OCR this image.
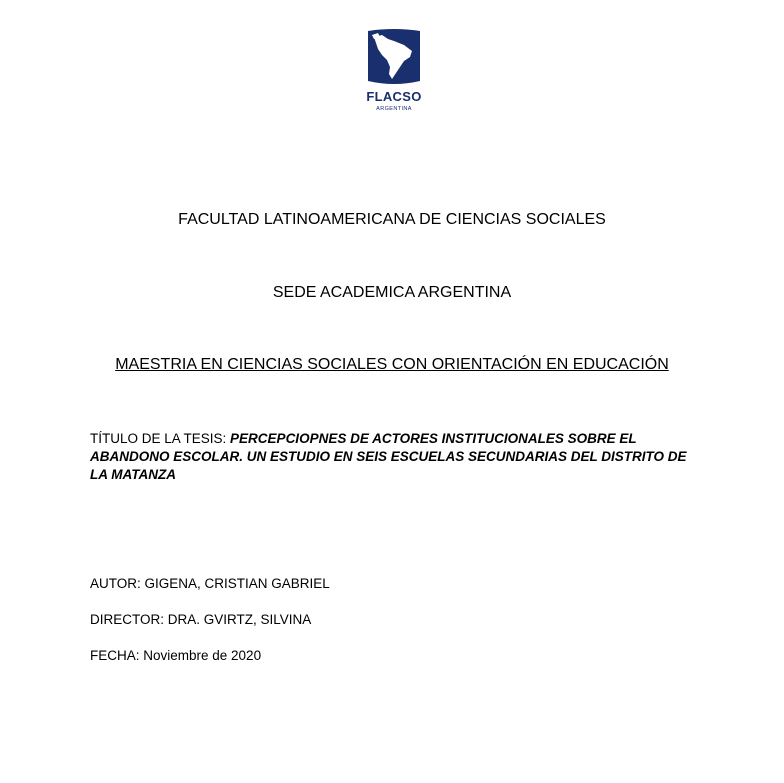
FLACSO
ARGENTINA
FACULTAD LATINOAMERICANA DE CIENCIAS SOCIALES
SEDE ACADEMICA ARGENTINA
MAESTRIA EN CIENCIAS SOCIALES CON ORIENTACIÓN EN EDUCACIÓN
TÍTULO DE LA TESIS: PERCEPCIOPNES DE ACTORES INSTITUCIONALES SOBRE EL ABANDONO ESCOLAR. UN ESTUDIO EN SEIS ESCUELAS SECUNDARIAS DEL DISTRITO DE LA MATANZA
AUTOR: GIGENA, CRISTIAN GABRIEL
DIRECTOR: DRA. GVIRTZ, SILVINA
FECHA: Noviembre de 2020
